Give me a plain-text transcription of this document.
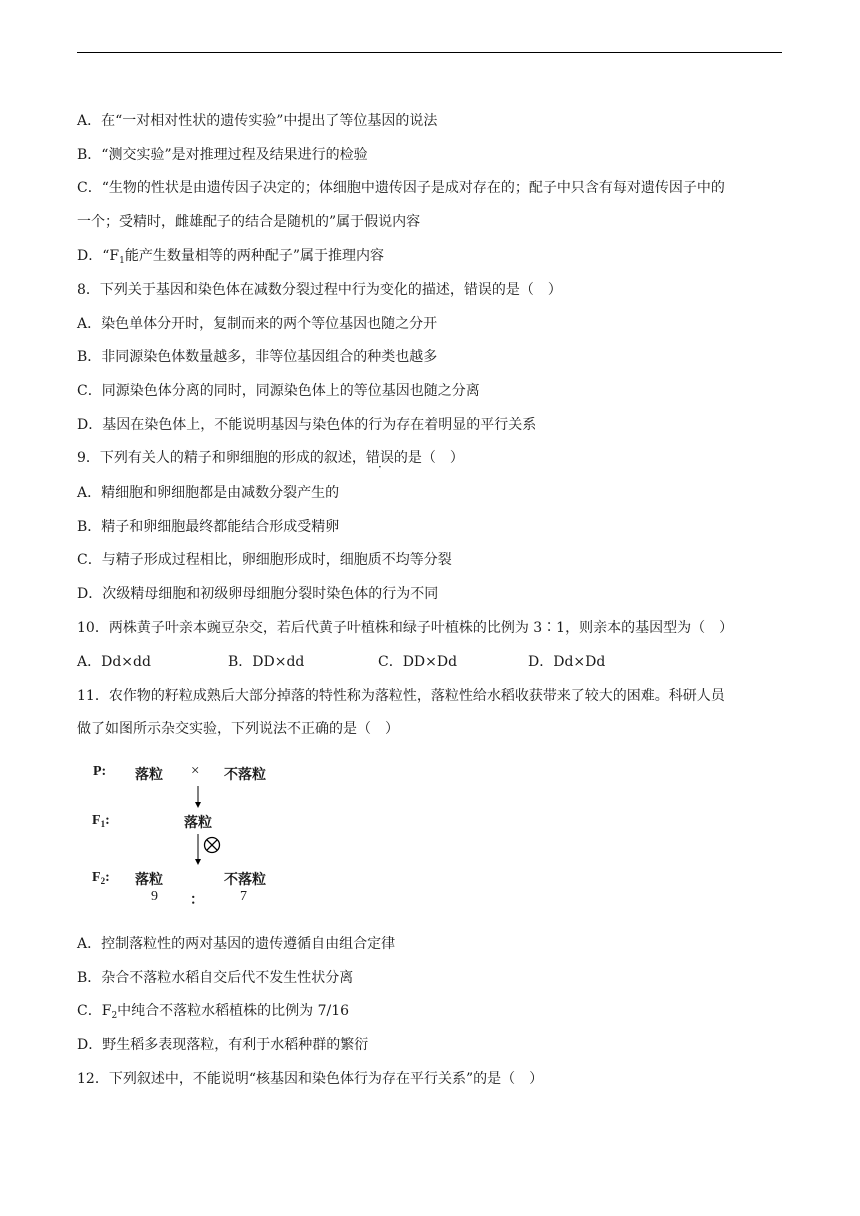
A．在“一对相对性状的遗传实验”中提出了等位基因的说法
B．“测交实验”是对推理过程及结果进行的检验
C．“生物的性状是由遗传因子决定的；体细胞中遗传因子是成对存在的；配子中只含有每对遗传因子中的
一个；受精时，雌雄配子的结合是随机的”属于假说内容
D．“$F_1$能产生数量相等的两种配子”属于推理内容
8．下列关于基因和染色体在减数分裂过程中行为变化的描述，错误的是（　）
A．染色单体分开时，复制而来的两个等位基因也随之分开
B．非同源染色体数量越多，非等位基因组合的种类也越多
C．同源染色体分离的同时，同源染色体上的等位基因也随之分离
D．基因在染色体上，不能说明基因与染色体的行为存在着明显的平行关系
9．下列有关人的精子和卵细胞的形成的叙述，错误的是（　）
A．精细胞和卵细胞都是由减数分裂产生的
B．精子和卵细胞最终都能结合形成受精卵
C．与精子形成过程相比，卵细胞形成时，细胞质不均等分裂
D．次级精母细胞和初级卵母细胞分裂时染色体的行为不同
10．两株黄子叶亲本豌豆杂交，若后代黄子叶植株和绿子叶植株的比例为 3∶1，则亲本的基因型为（　）
A．Dd×dd	B．DD×dd	C．DD×Dd	D．Dd×Dd
11．农作物的籽粒成熟后大部分掉落的特性称为落粒性，落粒性给水稻收获带来了较大的困难。科研人员
做了如图所示杂交实验，下列说法不正确的是（　）
P: 落粒 × 不落粒
$F_1$:	落粒
$F_2$: 落粒	不落粒
9 ：	7
A．控制落粒性的两对基因的遗传遵循自由组合定律
B．杂合不落粒水稻自交后代不发生性状分离
C．$F_2$中纯合不落粒水稻植株的比例为 7/16
D．野生稻多表现落粒，有利于水稻种群的繁衍
12．下列叙述中，不能说明“核基因和染色体行为存在平行关系”的是（　）
